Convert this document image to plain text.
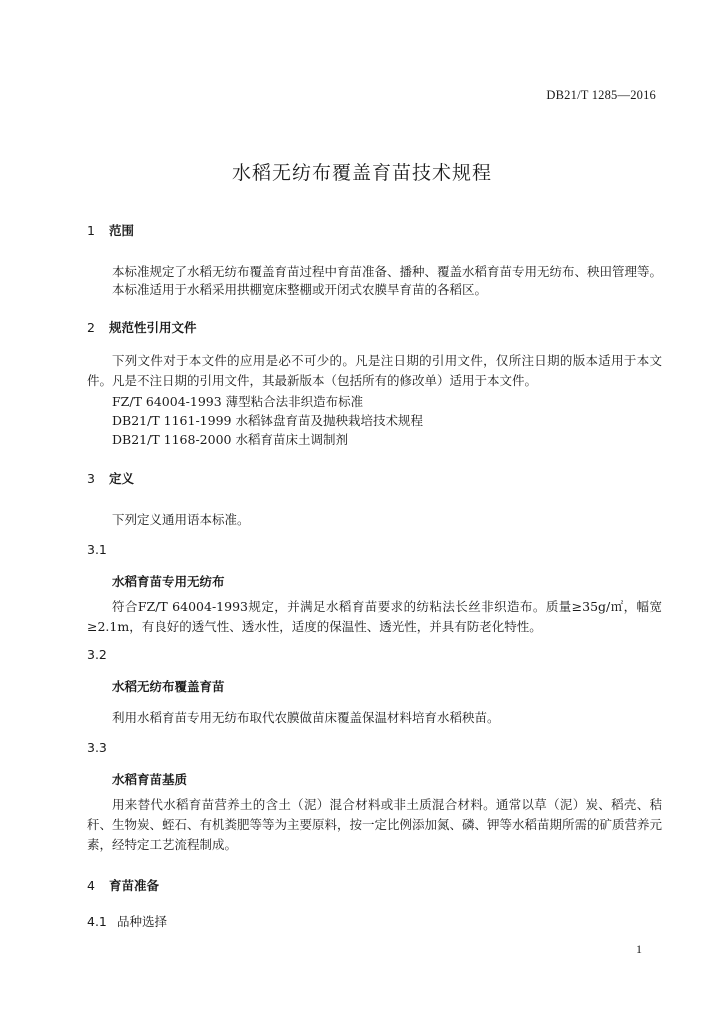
DB21/T 1285—2016
水稻无纺布覆盖育苗技术规程
1 范围
本标准规定了水稻无纺布覆盖育苗过程中育苗准备、播种、覆盖水稻育苗专用无纺布、秧田管理等。
本标准适用于水稻采用拱棚宽床整棚或开闭式农膜旱育苗的各稻区。
2 规范性引用文件
下列文件对于本文件的应用是必不可少的。凡是注日期的引用文件，仅所注日期的版本适用于本文件。凡是不注日期的引用文件，其最新版本（包括所有的修改单）适用于本文件。
FZ/T 64004-1993 薄型粘合法非织造布标准
DB21/T 1161-1999 水稻钵盘育苗及抛秧栽培技术规程
DB21/T 1168-2000 水稻育苗床土调制剂
3 定义
下列定义通用语本标准。
3.1
水稻育苗专用无纺布
符合FZ/T 64004-1993规定，并满足水稻育苗要求的纺粘法长丝非织造布。质量≥35g/㎡，幅宽≥2.1m，有良好的透气性、透水性，适度的保温性、透光性，并具有防老化特性。
3.2
水稻无纺布覆盖育苗
利用水稻育苗专用无纺布取代农膜做苗床覆盖保温材料培育水稻秧苗。
3.3
水稻育苗基质
用来替代水稻育苗营养土的含土（泥）混合材料或非土质混合材料。通常以草（泥）炭、稻壳、秸秆、生物炭、蛭石、有机粪肥等等为主要原料，按一定比例添加氮、磷、钾等水稻苗期所需的矿质营养元素，经特定工艺流程制成。
4 育苗准备
4.1 品种选择
1
